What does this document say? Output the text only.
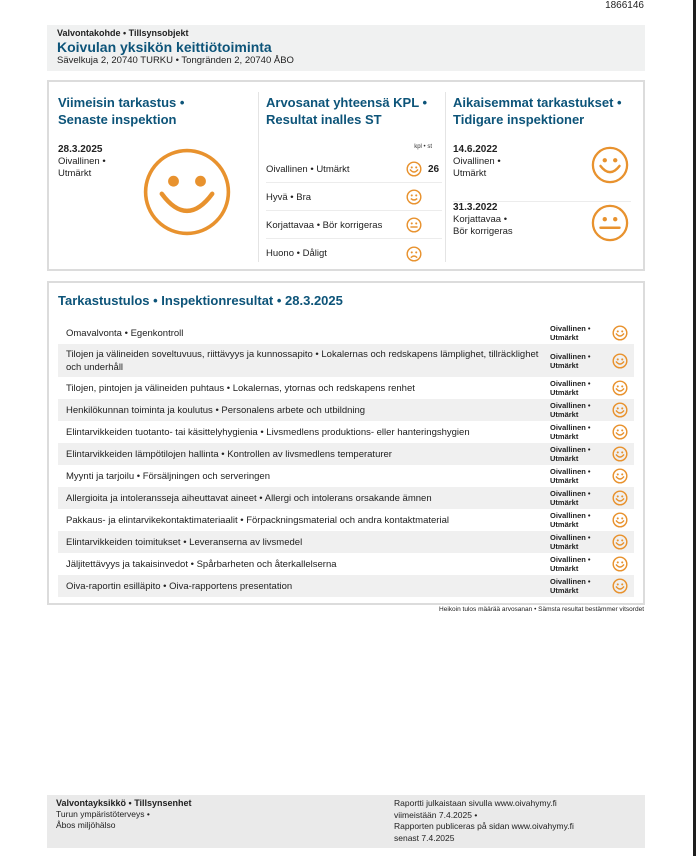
1866146
Valvontakohde • Tillsynsobjekt
Koivulan yksikön keittiötoiminta
Sävelkuja 2, 20740 TURKU • Tongränden 2, 20740 ÅBO
Viimeisin tarkastus •
Senaste inspektion
28.3.2025
Oivallinen •
Utmärkt
Arvosanat yhteensä KPL •
Resultat inalles ST
kpl • st
Oivallinen • Utmärkt	26
Hyvä • Bra
Korjattavaa • Bör korrigeras
Huono • Dåligt
Aikaisemmat tarkastukset •
Tidigare inspektioner
14.6.2022
Oivallinen •
Utmärkt
31.3.2022
Korjattavaa •
Bör korrigeras
Tarkastustulos • Inspektionresultat • 28.3.2025
Omavalvonta • Egenkontroll	Oivallinen •
Utmärkt
Tilojen ja välineiden soveltuvuus, riittävyys ja kunnossapito • Lokalernas och redskapens lämplighet, tillräcklighet och underhåll
Oivallinen •
Utmärkt
Tilojen, pintojen ja välineiden puhtaus • Lokalernas, ytornas och redskapens renhet	Oivallinen •
Utmärkt
Henkilökunnan toiminta ja koulutus • Personalens arbete och utbildning	Oivallinen •
Utmärkt
Elintarvikkeiden tuotanto- tai käsittelyhygienia • Livsmedlens produktions- eller hanteringshygien	Oivallinen •
Utmärkt
Elintarvikkeiden lämpötilojen hallinta • Kontrollen av livsmedlens temperaturer	Oivallinen •
Utmärkt
Myynti ja tarjoilu • Försäljningen och serveringen	Oivallinen •
Utmärkt
Allergioita ja intoleransseja aiheuttavat aineet • Allergi och intolerans orsakande ämnen	Oivallinen •
Utmärkt
Pakkaus- ja elintarvikekontaktimateriaalit • Förpackningsmaterial och andra kontaktmaterial	Oivallinen •
Utmärkt
Elintarvikkeiden toimitukset • Leveranserna av livsmedel	Oivallinen •
Utmärkt
Jäljitettävyys ja takaisinvedot • Spårbarheten och återkallelserna	Oivallinen •
Utmärkt
Oiva-raportin esilläpito • Oiva-rapportens presentation	Oivallinen •
Utmärkt
Heikoin tulos määrää arvosanan • Sämsta resultat bestämmer vitsordet
Valvontayksikkö • Tillsynsenhet
Turun ympäristöterveys •
Åbos miljöhälso
Raportti julkaistaan sivulla www.oivahymy.fi
viimeistään 7.4.2025 •
Rapporten publiceras på sidan www.oivahymy.fi
senast 7.4.2025
